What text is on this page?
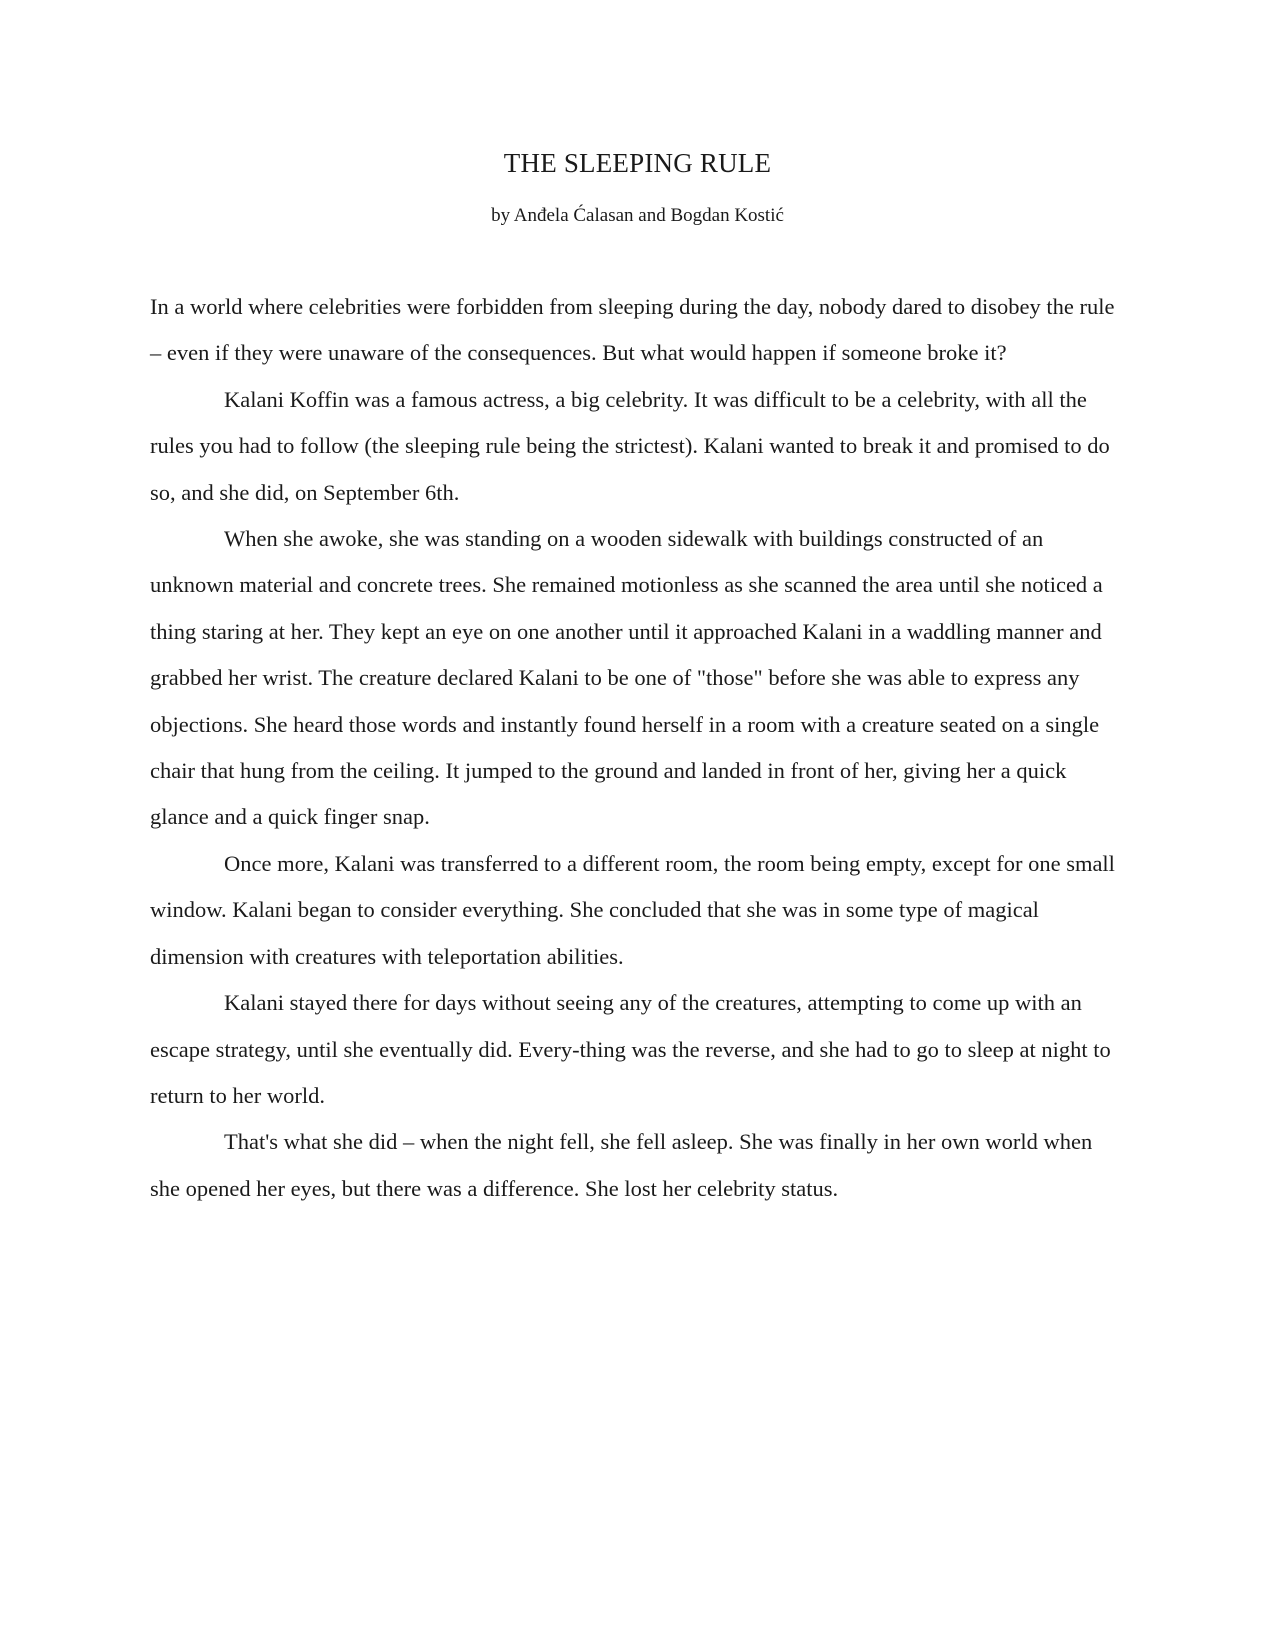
THE SLEEPING RULE
by Anđela Ćalasan and Bogdan Kostić

In a world where celebrities were forbidden from sleeping during the day, nobody dared to disobey the rule – even if they were unaware of the consequences. But what would happen if someone broke it?

Kalani Koffin was a famous actress, a big celebrity. It was difficult to be a celebrity, with all the rules you had to follow (the sleeping rule being the strictest). Kalani wanted to break it and promised to do so, and she did, on September 6th.

When she awoke, she was standing on a wooden sidewalk with buildings constructed of an unknown material and concrete trees. She remained motionless as she scanned the area until she noticed a thing staring at her. They kept an eye on one another until it approached Kalani in a waddling manner and grabbed her wrist. The creature declared Kalani to be one of "those" before she was able to express any objections. She heard those words and instantly found herself in a room with a creature seated on a single chair that hung from the ceiling. It jumped to the ground and landed in front of her, giving her a quick glance and a quick finger snap.

Once more, Kalani was transferred to a different room, the room being empty, except for one small window. Kalani began to consider everything. She concluded that she was in some type of magical dimension with creatures with teleportation abilities.

Kalani stayed there for days without seeing any of the creatures, attempting to come up with an escape strategy, until she eventually did. Every-thing was the reverse, and she had to go to sleep at night to return to her world.

That's what she did – when the night fell, she fell asleep. She was finally in her own world when she opened her eyes, but there was a difference. She lost her celebrity status.
